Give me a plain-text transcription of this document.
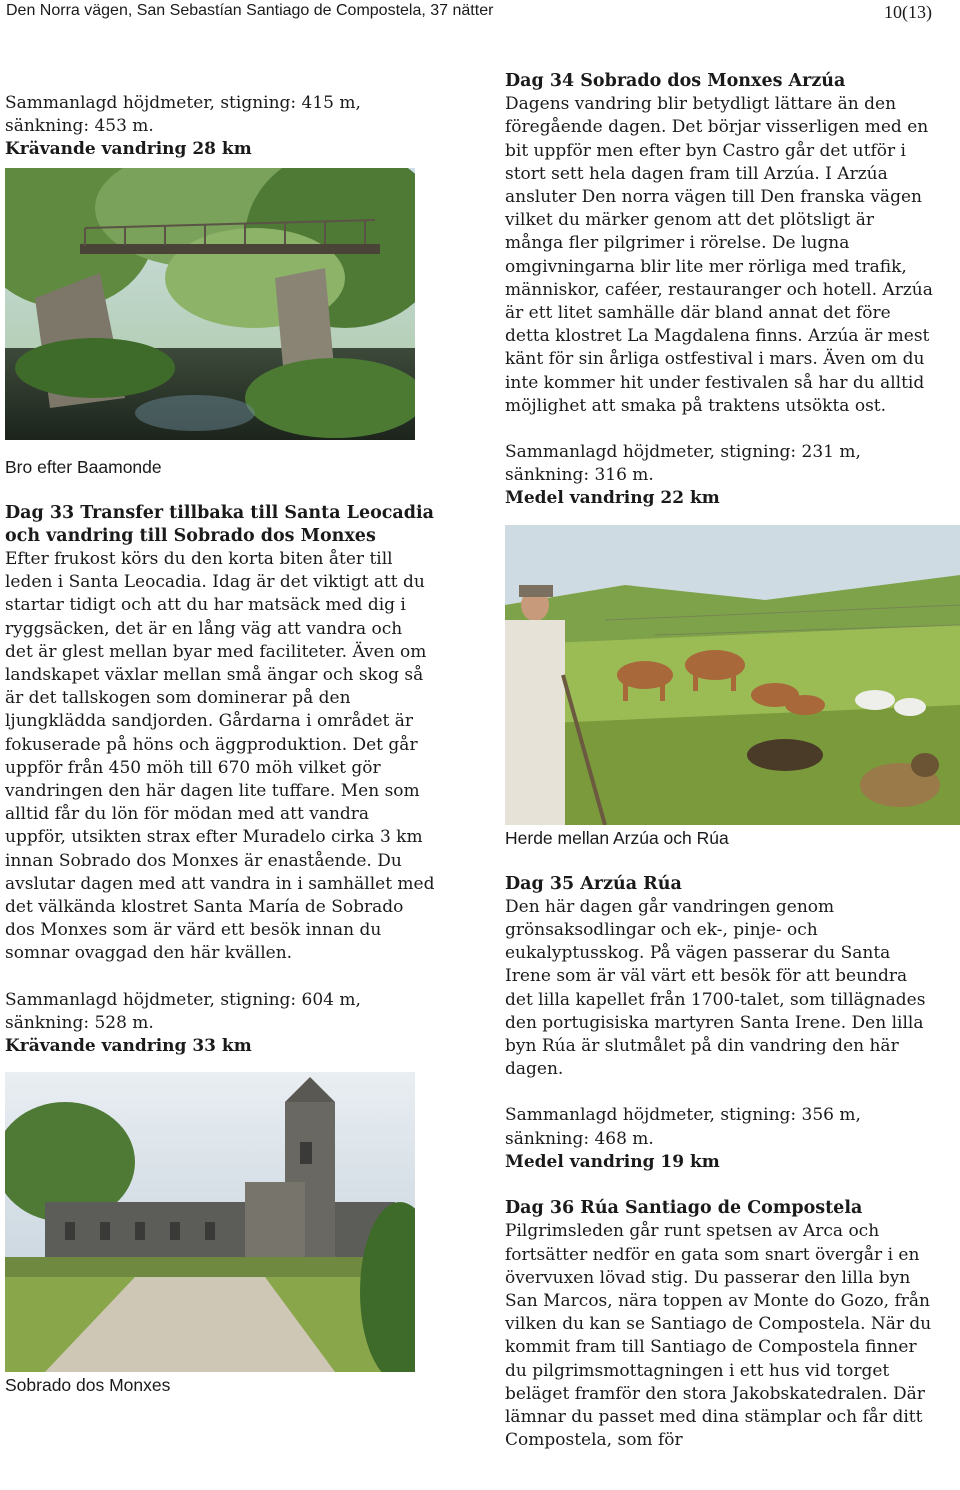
Den Norra vägen, San Sebastían Santiago de Compostela, 37 nätter	10(13)

Sammanlagd höjdmeter, stigning: 415 m,

sänkning: 453 m.

Krävande vandring 28 km

Bro efter Baamonde
Dag 33 Transfer tillbaka till Santa Leocadia och vandring till Sobrado dos Monxes

Efter frukost körs du den korta biten åter till leden i Santa Leocadia. Idag är det viktigt att du startar tidigt och att du har matsäck med dig i ryggsäcken, det är en lång väg att vandra och det är glest mellan byar med faciliteter. Även om landskapet växlar mellan små ängar och skog så är det tallskogen som dominerar på den ljungklädda sandjorden. Gårdarna i området är fokuserade på höns och äggproduktion. Det går uppför från 450 möh till 670 möh vilket gör vandringen den här dagen lite tuffare. Men som alltid får du lön för mödan med att vandra uppför, utsikten strax efter Muradelo cirka 3 km innan Sobrado dos Monxes är enastående. Du avslutar dagen med att vandra in i samhället med det välkända klostret Santa María de Sobrado dos Monxes som är värd ett besök innan du somnar ovaggad den här kvällen.

Sammanlagd höjdmeter, stigning: 604 m,

sänkning: 528 m.

Krävande vandring 33 km

Sobrado dos Monxes
Dag 34 Sobrado dos Monxes Arzúa

Dagens vandring blir betydligt lättare än den föregående dagen. Det börjar visserligen med en bit uppför men efter byn Castro går det utför i stort sett hela dagen fram till Arzúa. I Arzúa ansluter Den norra vägen till Den franska vägen vilket du märker genom att det plötsligt är många fler pilgrimer i rörelse. De lugna omgivningarna blir lite mer rörliga med trafik, människor, caféer, restauranger och hotell. Arzúa är ett litet samhälle där bland annat det före detta klostret La Magdalena finns. Arzúa är mest känt för sin årliga ostfestival i mars. Även om du inte kommer hit under festivalen så har du alltid möjlighet att smaka på traktens utsökta ost.

Sammanlagd höjdmeter, stigning: 231 m,

sänkning: 316 m.

Medel vandring 22 km

Herde mellan Arzúa och Rúa
Dag 35 Arzúa Rúa

Den här dagen går vandringen genom grönsaksodlingar och ek-, pinje- och eukalyptusskog. På vägen passerar du Santa Irene som är väl värt ett besök för att beundra det lilla kapellet från 1700-talet, som tillägnades den portugisiska martyren Santa Irene. Den lilla byn Rúa är slutmålet på din vandring den här dagen.

Sammanlagd höjdmeter, stigning: 356 m,

sänkning: 468 m.

Medel vandring 19 km

Dag 36 Rúa Santiago de Compostela

Pilgrimsleden går runt spetsen av Arca och fortsätter nedför en gata som snart övergår i en övervuxen lövad stig. Du passerar den lilla byn San Marcos, nära toppen av Monte do Gozo, från vilken du kan se Santiago de Compostela. När du kommit fram till Santiago de Compostela finner du pilgrimsmottagningen i ett hus vid torget beläget framför den stora Jakobskatedralen. Där lämnar du passet med dina stämplar och får ditt Compostela, som för
